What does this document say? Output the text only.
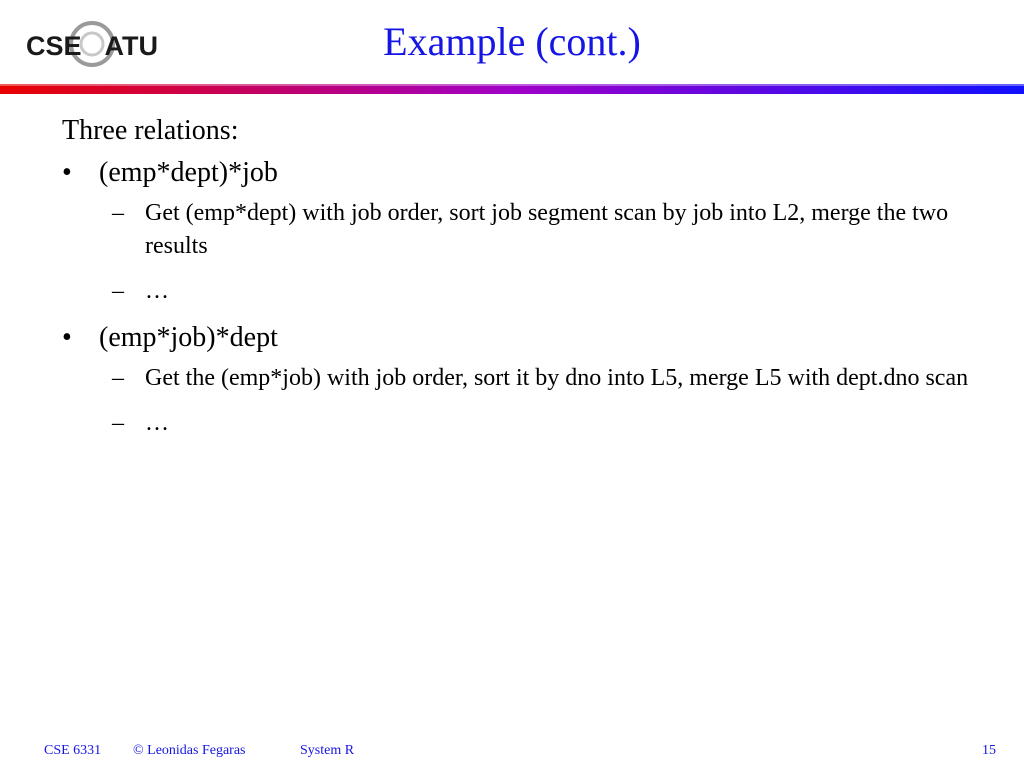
CSE UTA	Example (cont.)
Three relations:
• (emp*dept)*job
– Get (emp*dept) with job order, sort job segment scan by job into L2, merge the two results
– …
• (emp*job)*dept
– Get the (emp*job) with job order, sort it by dno into L5, merge L5 with dept.dno scan
– …
CSE 6331 © Leonidas Fegaras	System R	15
